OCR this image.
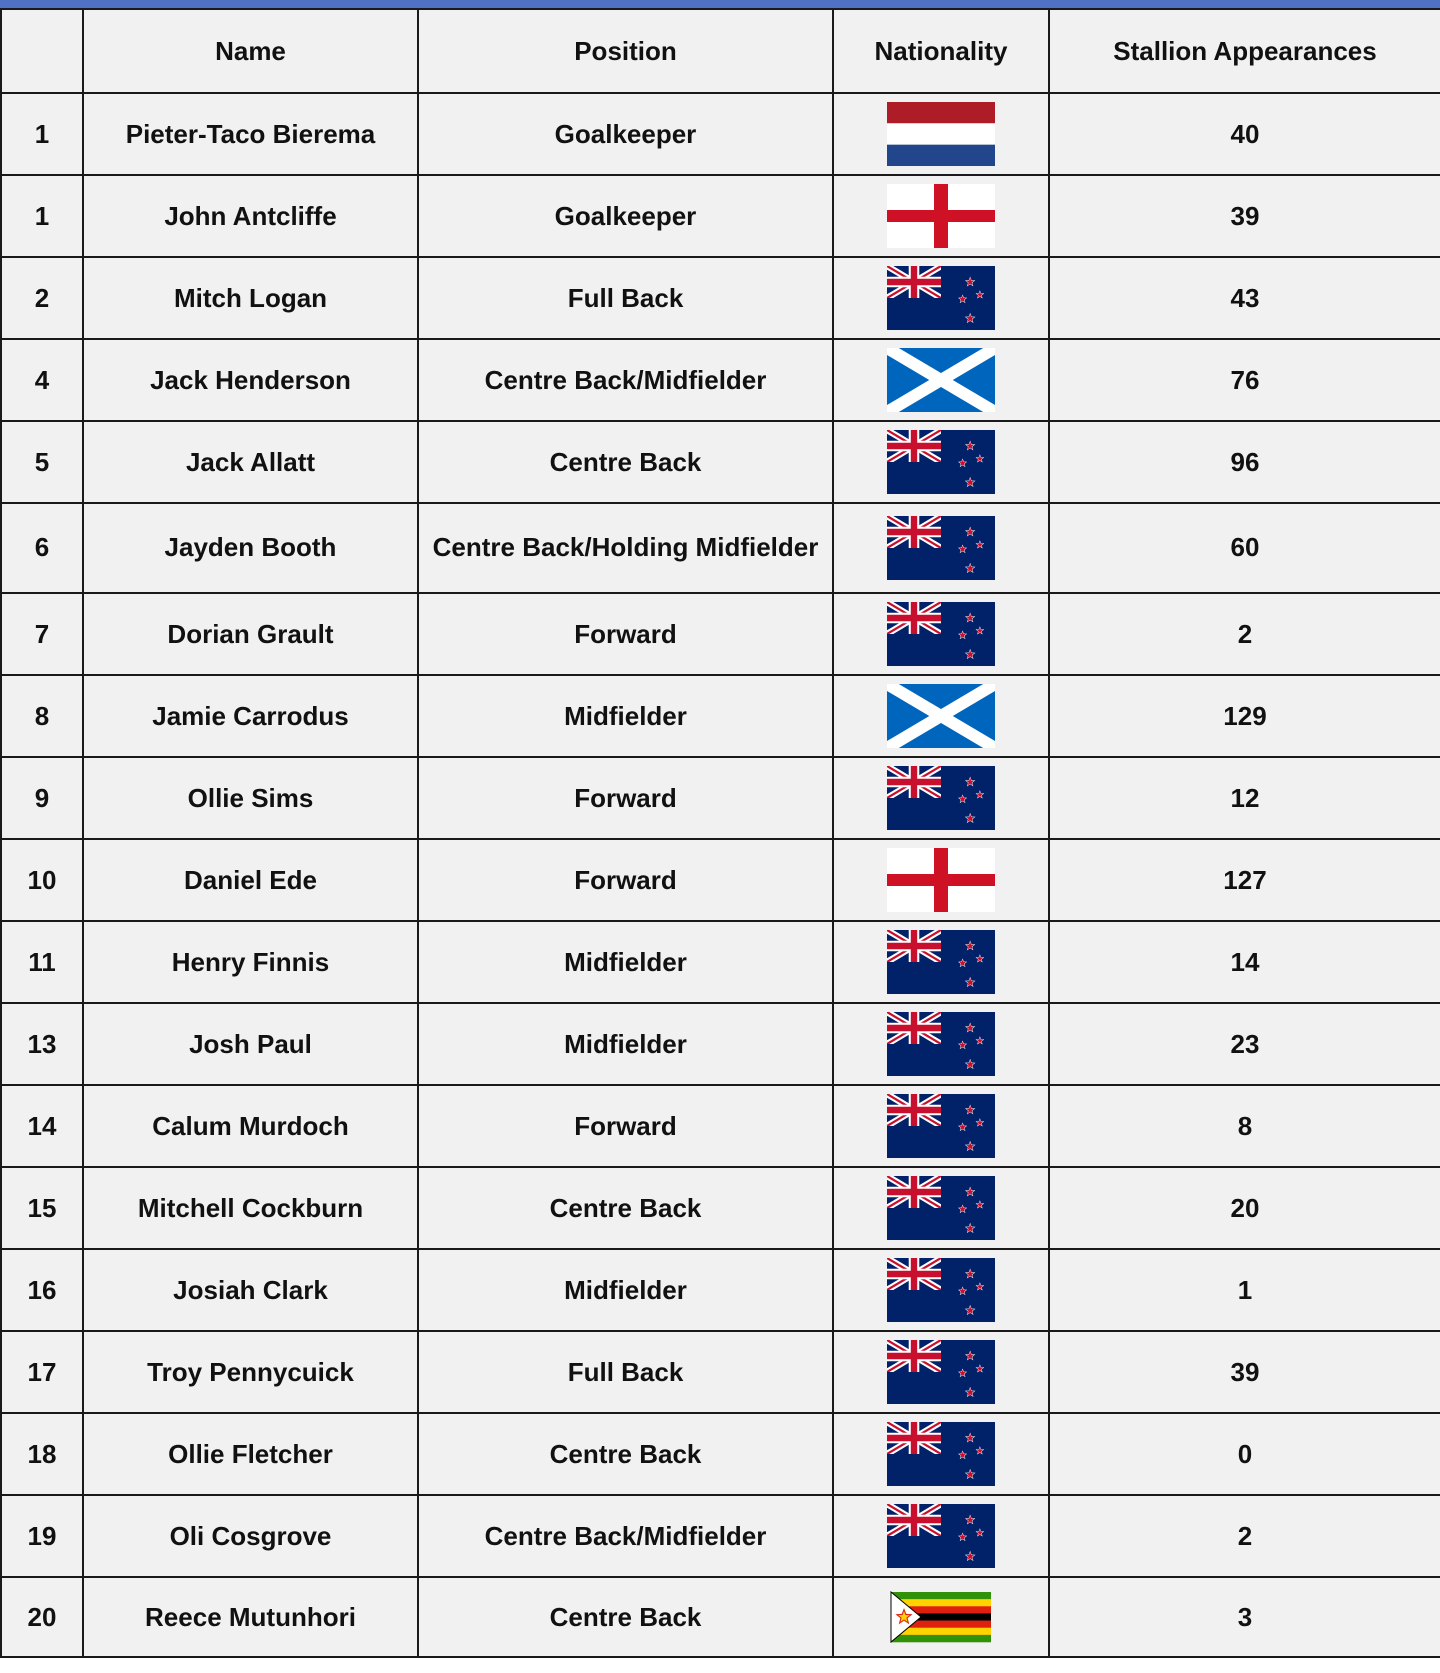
	Name	Position	Nationality	Stallion Appearances
1	Pieter-Taco Bierema	Goalkeeper		40
1	John Antcliffe	Goalkeeper		39
2	Mitch Logan	Full Back		43
4	Jack Henderson	Centre Back/Midfielder		76
5	Jack Allatt	Centre Back		96
6	Jayden Booth	Centre Back/Holding Midfielder		60
7	Dorian Grault	Forward		2
8	Jamie Carrodus	Midfielder		129
9	Ollie Sims	Forward		12
10	Daniel Ede	Forward		127
11	Henry Finnis	Midfielder		14
13	Josh Paul	Midfielder		23
14	Calum Murdoch	Forward		8
15	Mitchell Cockburn	Centre Back		20
16	Josiah Clark	Midfielder		1
17	Troy Pennycuick	Full Back		39
18	Ollie Fletcher	Centre Back		0
19	Oli Cosgrove	Centre Back/Midfielder		2
20	Reece Mutunhori	Centre Back		3
